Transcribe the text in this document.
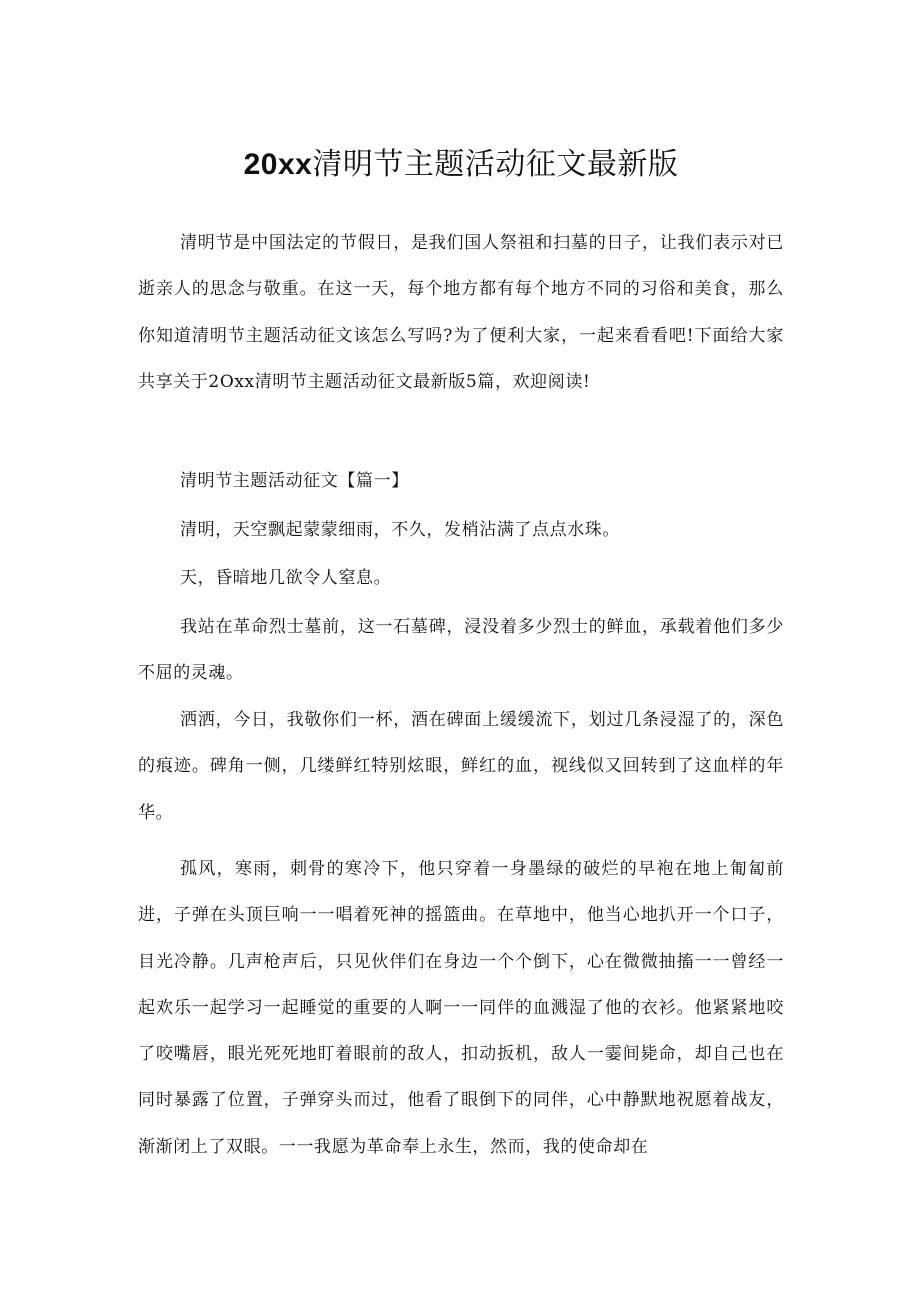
20xx清明节主题活动征文最新版

清明节是中国法定的节假日，是我们国人祭祖和扫墓的日子，让我们表示对已逝亲人的思念与敬重。在这一天，每个地方都有每个地方不同的习俗和美食，那么你知道清明节主题活动征文该怎么写吗?为了便利大家，一起来看看吧!下面给大家共享关于2Oxx清明节主题活动征文最新版5篇，欢迎阅读!

清明节主题活动征文【篇一】

清明，天空飘起蒙蒙细雨，不久，发梢沾满了点点水珠。

天，昏暗地几欲令人窒息。

我站在革命烈士墓前，这一石墓碑，浸没着多少烈士的鲜血，承载着他们多少不屈的灵魂。

洒洒，今日，我敬你们一杯，酒在碑面上缓缓流下，划过几条浸湿了的，深色的痕迹。碑角一侧，几缕鲜红特别炫眼，鲜红的血，视线似又回转到了这血样的年华。

孤风，寒雨，刺骨的寒冷下，他只穿着一身墨绿的破烂的早袍在地上匍匐前进，子弹在头顶巨响一一唱着死神的摇篮曲。在草地中，他当心地扒开一个口子，目光冷静。几声枪声后，只见伙伴们在身边一个个倒下，心在微微抽搐一一曾经一起欢乐一起学习一起睡觉的重要的人啊一一同伴的血溅湿了他的衣衫。他紧紧地咬了咬嘴唇，眼光死死地盯着眼前的敌人，扣动扳机，敌人一霎间毙命，却自己也在同时暴露了位置，子弹穿头而过，他看了眼倒下的同伴，心中静默地祝愿着战友，渐渐闭上了双眼。一一我愿为革命奉上永生，然而，我的使命却在
